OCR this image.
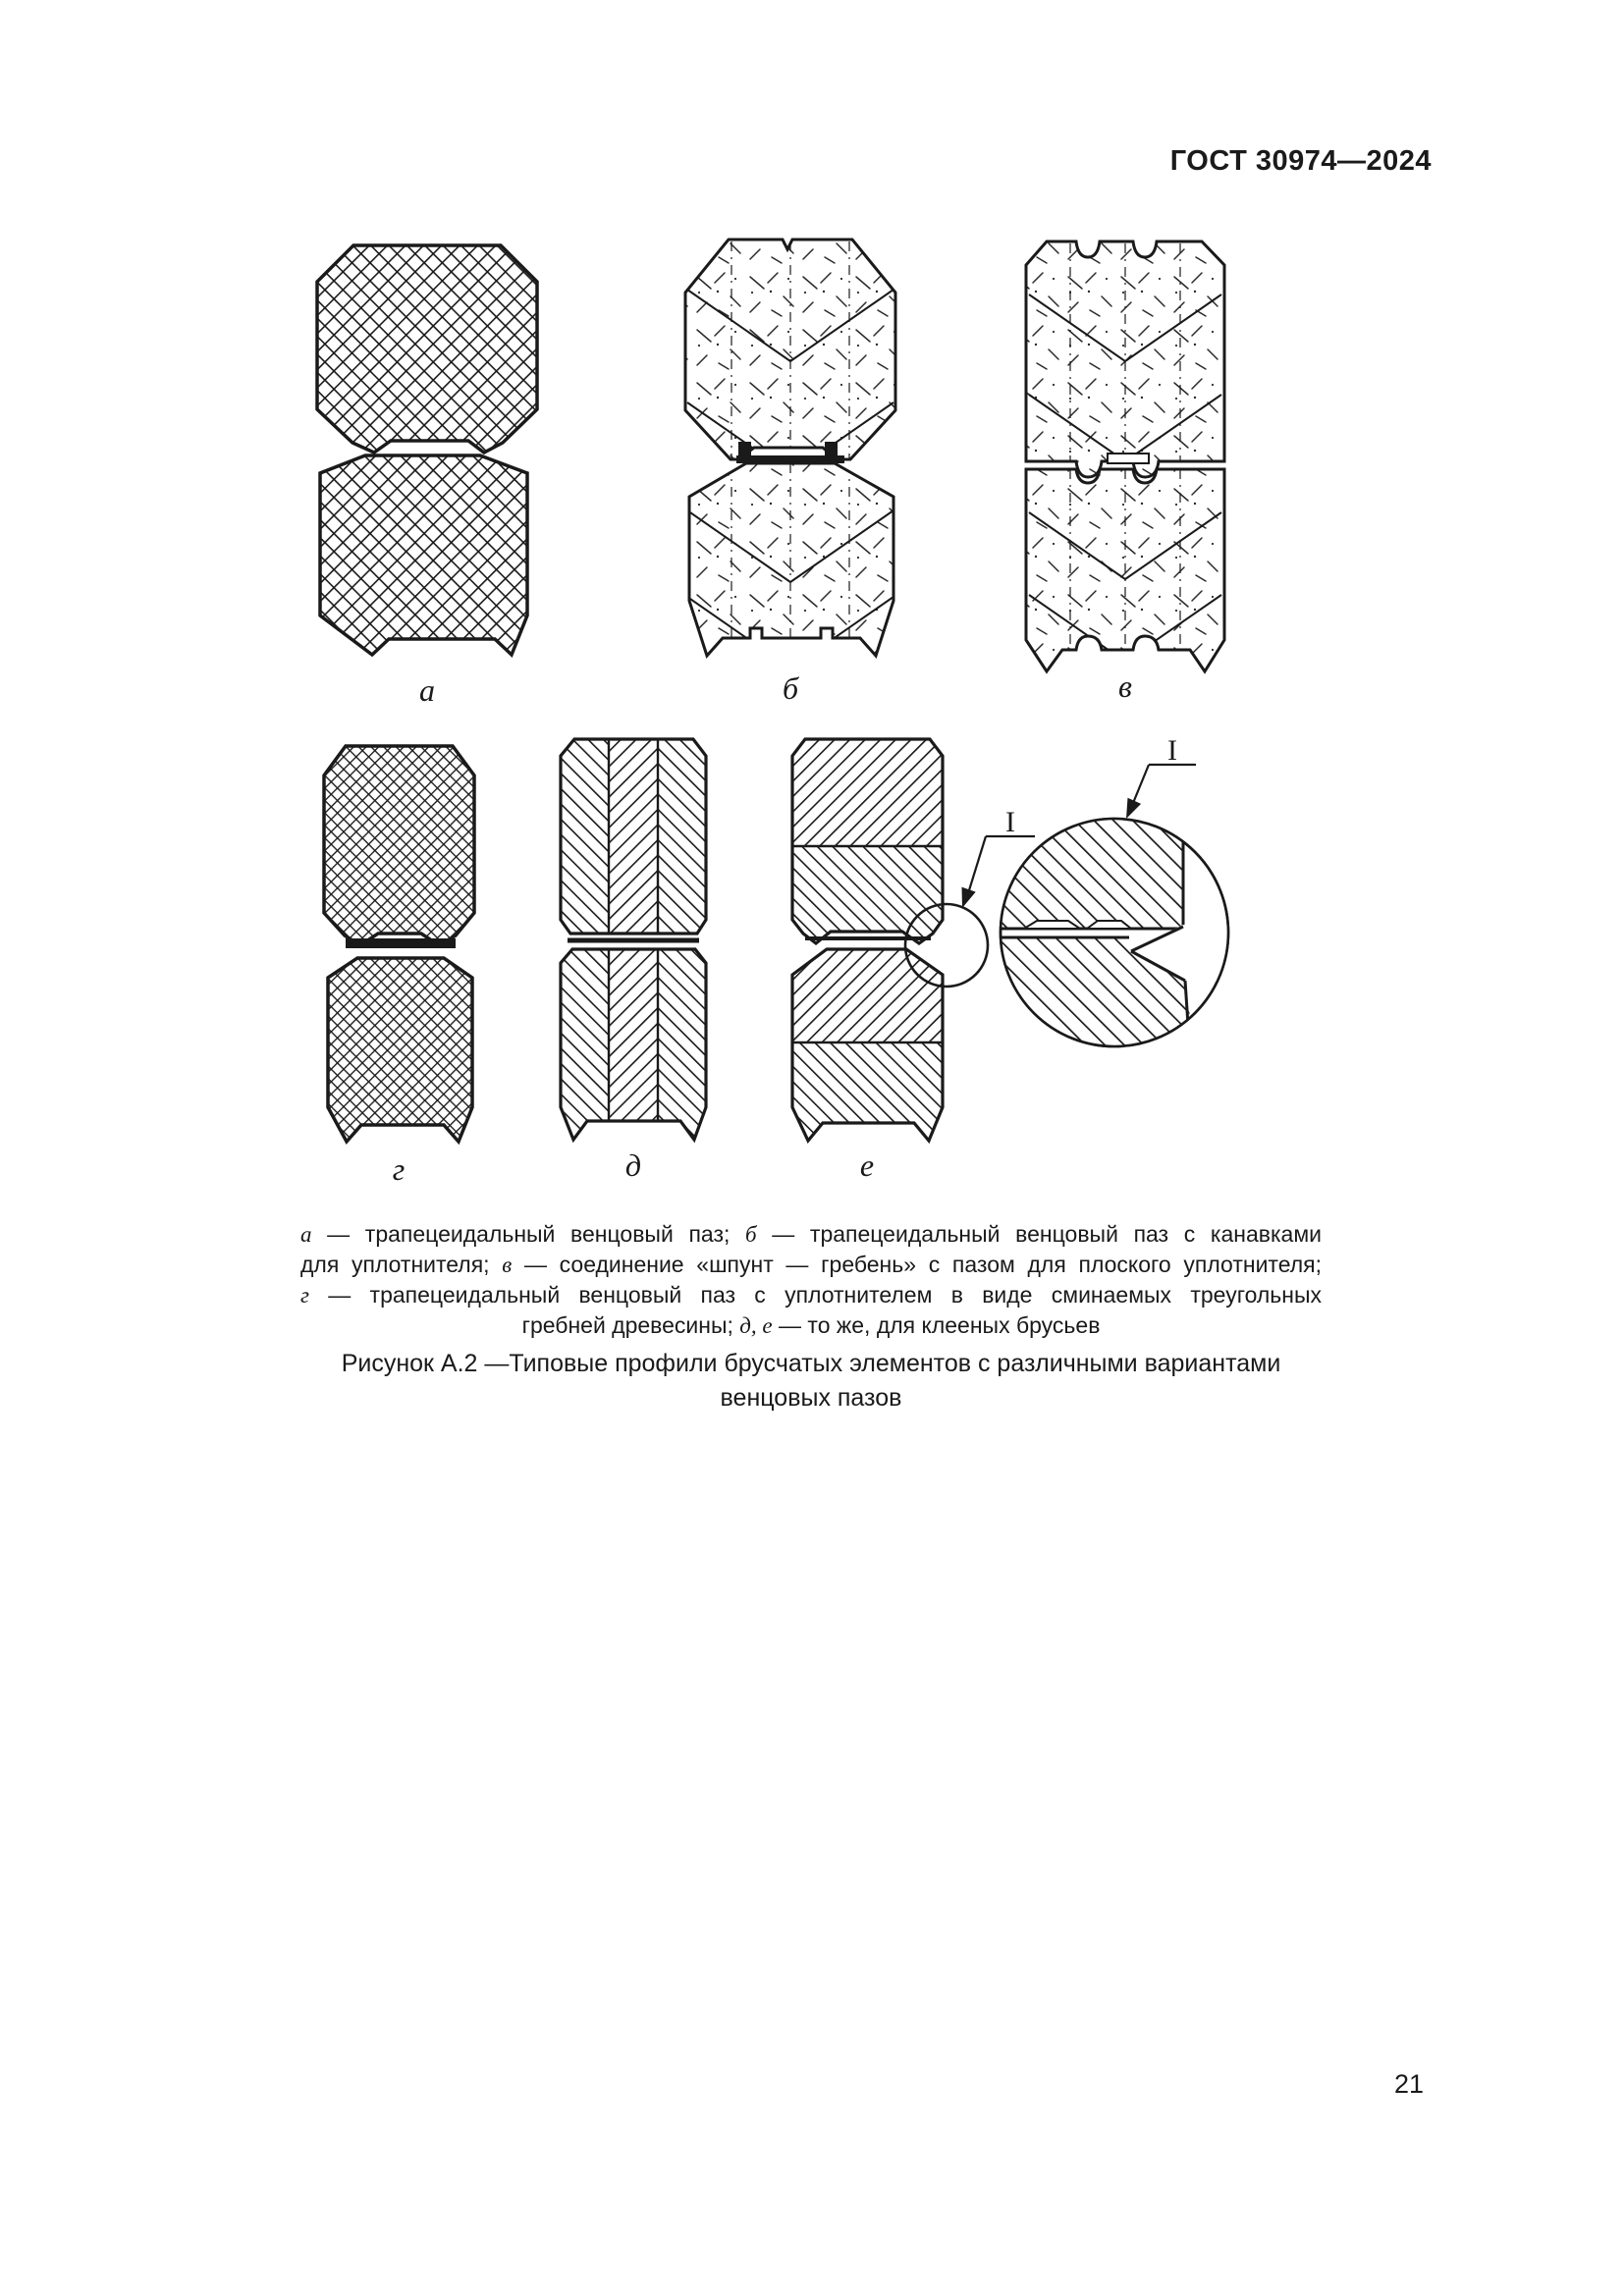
ГОСТ 30974—2024
а	б	в
г	д	е
I
I
а — трапецеидальный венцовый паз; б — трапецеидальный венцовый паз с канавками
для уплотнителя; в — соединение «шпунт — гребень» с пазом для плоского уплотнителя;
г — трапецеидальный венцовый паз с уплотнителем в виде сминаемых треугольных
гребней древесины; д, е — то же, для клееных брусьев
Рисунок А.2 —Типовые профили брусчатых элементов с различными вариантами
венцовых пазов
21
